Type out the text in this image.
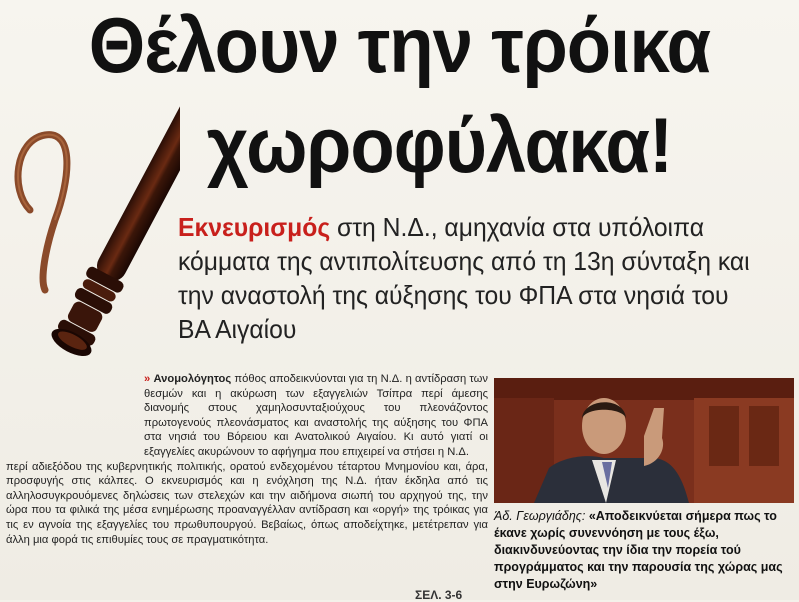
Θέλουν την τρόικα
χωροφύλακα!
Εκνευρισμός στη Ν.Δ., αμηχανία στα υπόλοιπα κόμματα της αντιπολίτευσης από τη 13η σύνταξη και την αναστολή της αύξησης του ΦΠΑ στα νησιά του ΒΑ Αιγαίου

» Ανομολόγητος πόθος αποδεικνύονται για τη Ν.Δ. η αντίδραση των θεσμών και η ακύρωση των εξαγγελιών Τσίπρα περί άμεσης διανομής στους χαμηλοσυνταξιούχους του πλεονάζοντος πρωτογενούς πλεονάσματος και αναστολής της αύξησης του ΦΠΑ στα νησιά του Βόρειου και Ανατολικού Αιγαίου. Κι αυτό γιατί οι εξαγγελίες ακυρώνουν το αφήγημα που επιχειρεί να στήσει η Ν.Δ.

περί αδιεξόδου της κυβερνητικής πολιτικής, ορατού ενδεχομένου τέταρτου Μνημονίου και, άρα, προσφυγής στις κάλπες. Ο εκνευρισμός και η ενόχληση της Ν.Δ. ήταν έκδηλα από τις αλληλοσυγκρουόμενες δηλώσεις των στελεχών και την αιδήμονα σιωπή του αρχηγού της, την ώρα που τα φιλικά της μέσα ενημέρωσης προαναγγέλλαν αντίδραση και «οργή» της τρόικας για τις εν αγνοία της εξαγγελίες του πρωθυπουργού. Βεβαίως, όπως αποδείχτηκε, μετέτρεπαν για άλλη μια φορά τις επιθυμίες τους σε πραγματικότητα.

Άδ. Γεωργιάδης: «Αποδεικνύεται σήμερα πως το έκανε χωρίς συνεννόηση με τους έξω, διακινδυνεύοντας την ίδια την πορεία τού προγράμματος και την παρουσία της χώρας μας στην Ευρωζώνη»
ΣΕΛ. 3-6
